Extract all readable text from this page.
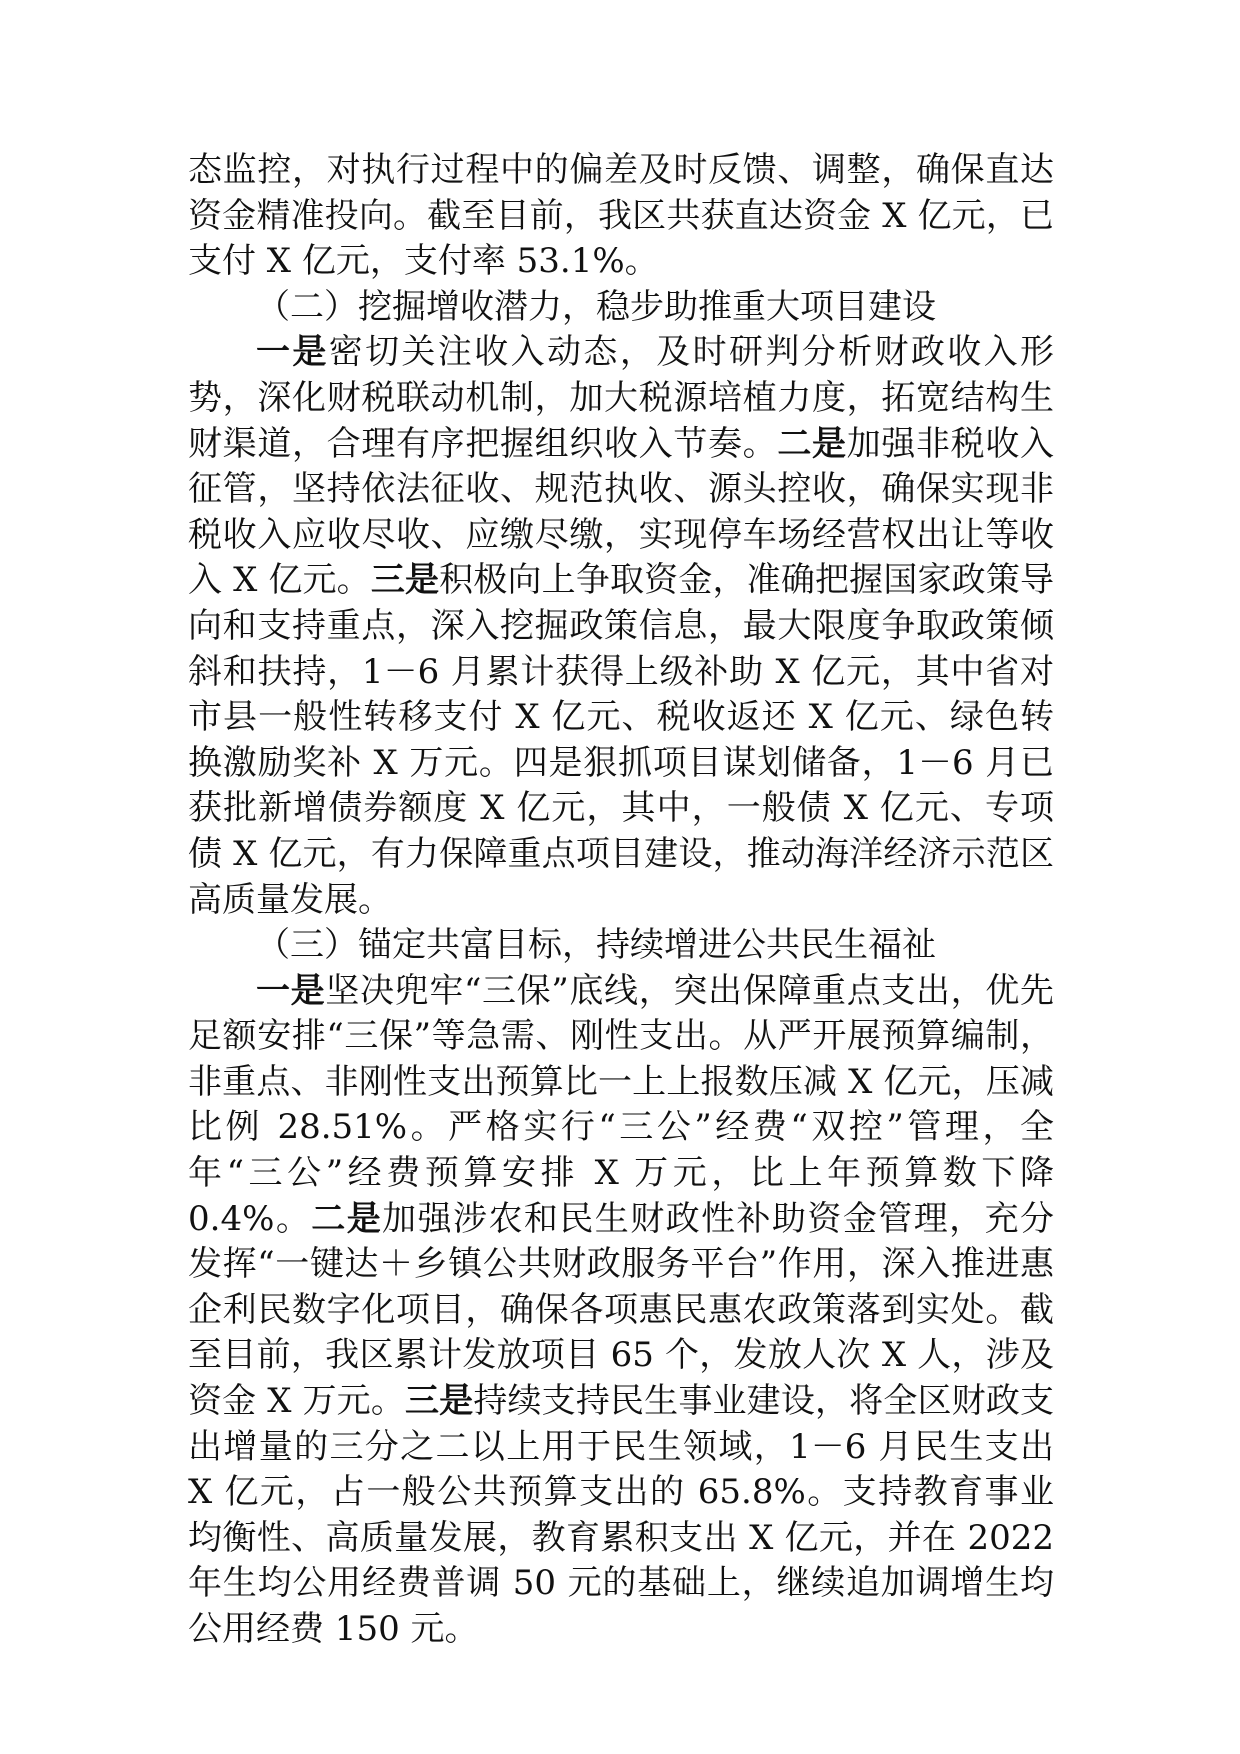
态监控，对执行过程中的偏差及时反馈、调整，确保直达资金精准投向。截至目前，我区共获直达资金 X 亿元，已支付 X 亿元，支付率 53.1%。

（二）挖掘增收潜力，稳步助推重大项目建设

一是密切关注收入动态，及时研判分析财政收入形势，深化财税联动机制，加大税源培植力度，拓宽结构生财渠道，合理有序把握组织收入节奏。二是加强非税收入征管，坚持依法征收、规范执收、源头控收，确保实现非税收入应收尽收、应缴尽缴，实现停车场经营权出让等收入 X 亿元。三是积极向上争取资金，准确把握国家政策导向和支持重点，深入挖掘政策信息，最大限度争取政策倾斜和扶持，1－6 月累计获得上级补助 X 亿元，其中省对市县一般性转移支付 X 亿元、税收返还 X 亿元、绿色转换激励奖补 X 万元。四是狠抓项目谋划储备，1－6 月已获批新增债券额度 X 亿元，其中，一般债 X 亿元、专项债 X 亿元，有力保障重点项目建设，推动海洋经济示范区高质量发展。

（三）锚定共富目标，持续增进公共民生福祉

一是坚决兜牢“三保”底线，突出保障重点支出，优先足额安排“三保”等急需、刚性支出。从严开展预算编制，非重点、非刚性支出预算比一上上报数压减 X 亿元，压减比例 28.51%。严格实行“三公”经费“双控”管理，全年“三公”经费预算安排 X 万元，比上年预算数下降 0.4%。二是加强涉农和民生财政性补助资金管理，充分发挥“一键达＋乡镇公共财政服务平台”作用，深入推进惠企利民数字化项目，确保各项惠民惠农政策落到实处。截至目前，我区累计发放项目 65 个，发放人次 X 人，涉及资金 X 万元。三是持续支持民生事业建设，将全区财政支出增量的三分之二以上用于民生领域，1－6 月民生支出 X 亿元，占一般公共预算支出的 65.8%。支持教育事业均衡性、高质量发展，教育累积支出 X 亿元，并在 2022 年生均公用经费普调 50 元的基础上，继续追加调增生均公用经费 150 元。
